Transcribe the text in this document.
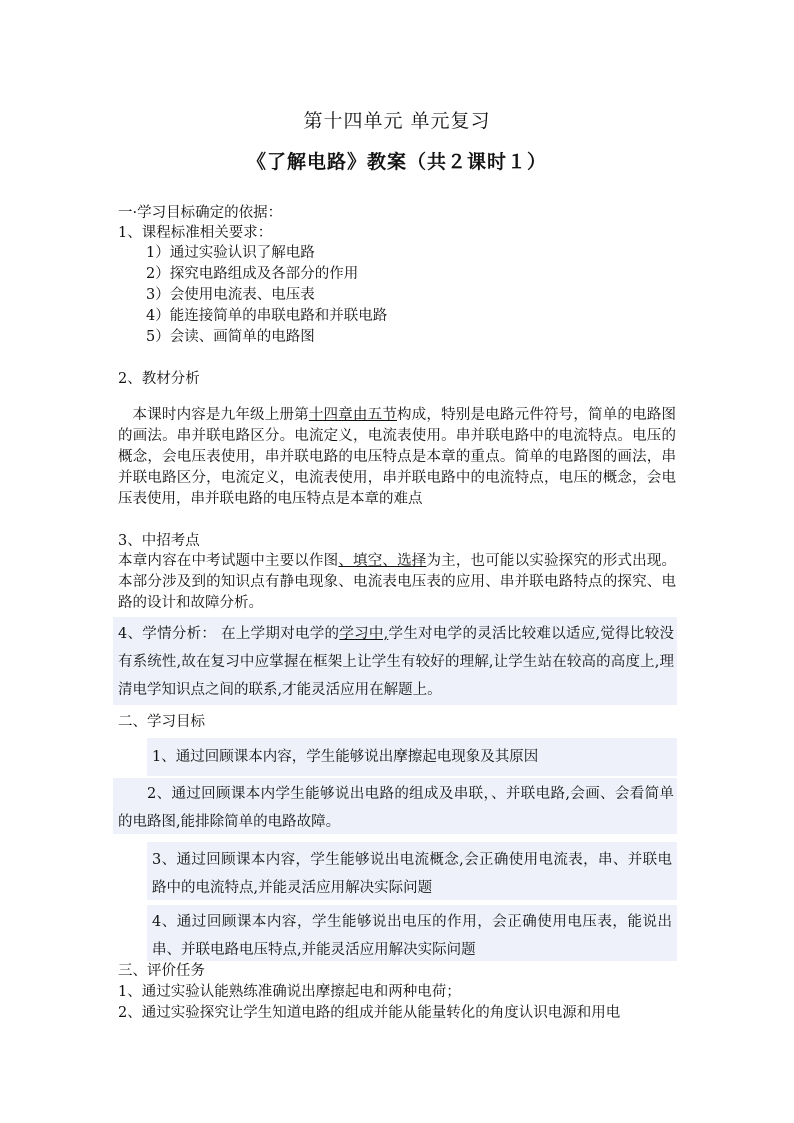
第十四单元 单元复习
《了解电路》教案（共２课时１）
一·学习目标确定的依据：
1、课程标准相关要求：
1）通过实验认识了解电路
2）探究电路组成及各部分的作用
3）会使用电流表、电压表
4）能连接简单的串联电路和并联电路
5）会读、画简单的电路图
2、教材分析

本课时内容是九年级上册第十四章由五节构成，特别是电路元件符号，简单的电路图的画法。串并联电路区分。电流定义，电流表使用。串并联电路中的电流特点。电压的概念，会电压表使用，串并联电路的电压特点是本章的重点。简单的电路图的画法，串并联电路区分，电流定义，电流表使用，串并联电路中的电流特点，电压的概念，会电压表使用，串并联电路的电压特点是本章的难点

3、中招考点

本章内容在中考试题中主要以作图、填空、选择为主，也可能以实验探究的形式出现。本部分涉及到的知识点有静电现象、电流表电压表的应用、串并联电路特点的探究、电路的设计和故障分析。

4、学情分析： 在上学期对电学的学习中,学生对电学的灵活比较难以适应,觉得比较没有系统性,故在复习中应掌握在框架上让学生有较好的理解,让学生站在较高的高度上,理清电学知识点之间的联系,才能灵活应用在解题上。

二、学习目标
1、通过回顾课本内容，学生能够说出摩擦起电现象及其原因
2、通过回顾课本内学生能够说出电路的组成及串联，、并联电路,会画、会看简单的电路图,能排除简单的电路故障。
3、通过回顾课本内容，学生能够说出电流概念,会正确使用电流表，串、并联电路中的电流特点,并能灵活应用解决实际问题
4、通过回顾课本内容，学生能够说出电压的作用，会正确使用电压表，能说出串、并联电路电压特点,并能灵活应用解决实际问题
三、评价任务
1、通过实验认能熟练准确说出摩擦起电和两种电荷；
2、通过实验探究让学生知道电路的组成并能从能量转化的角度认识电源和用电
